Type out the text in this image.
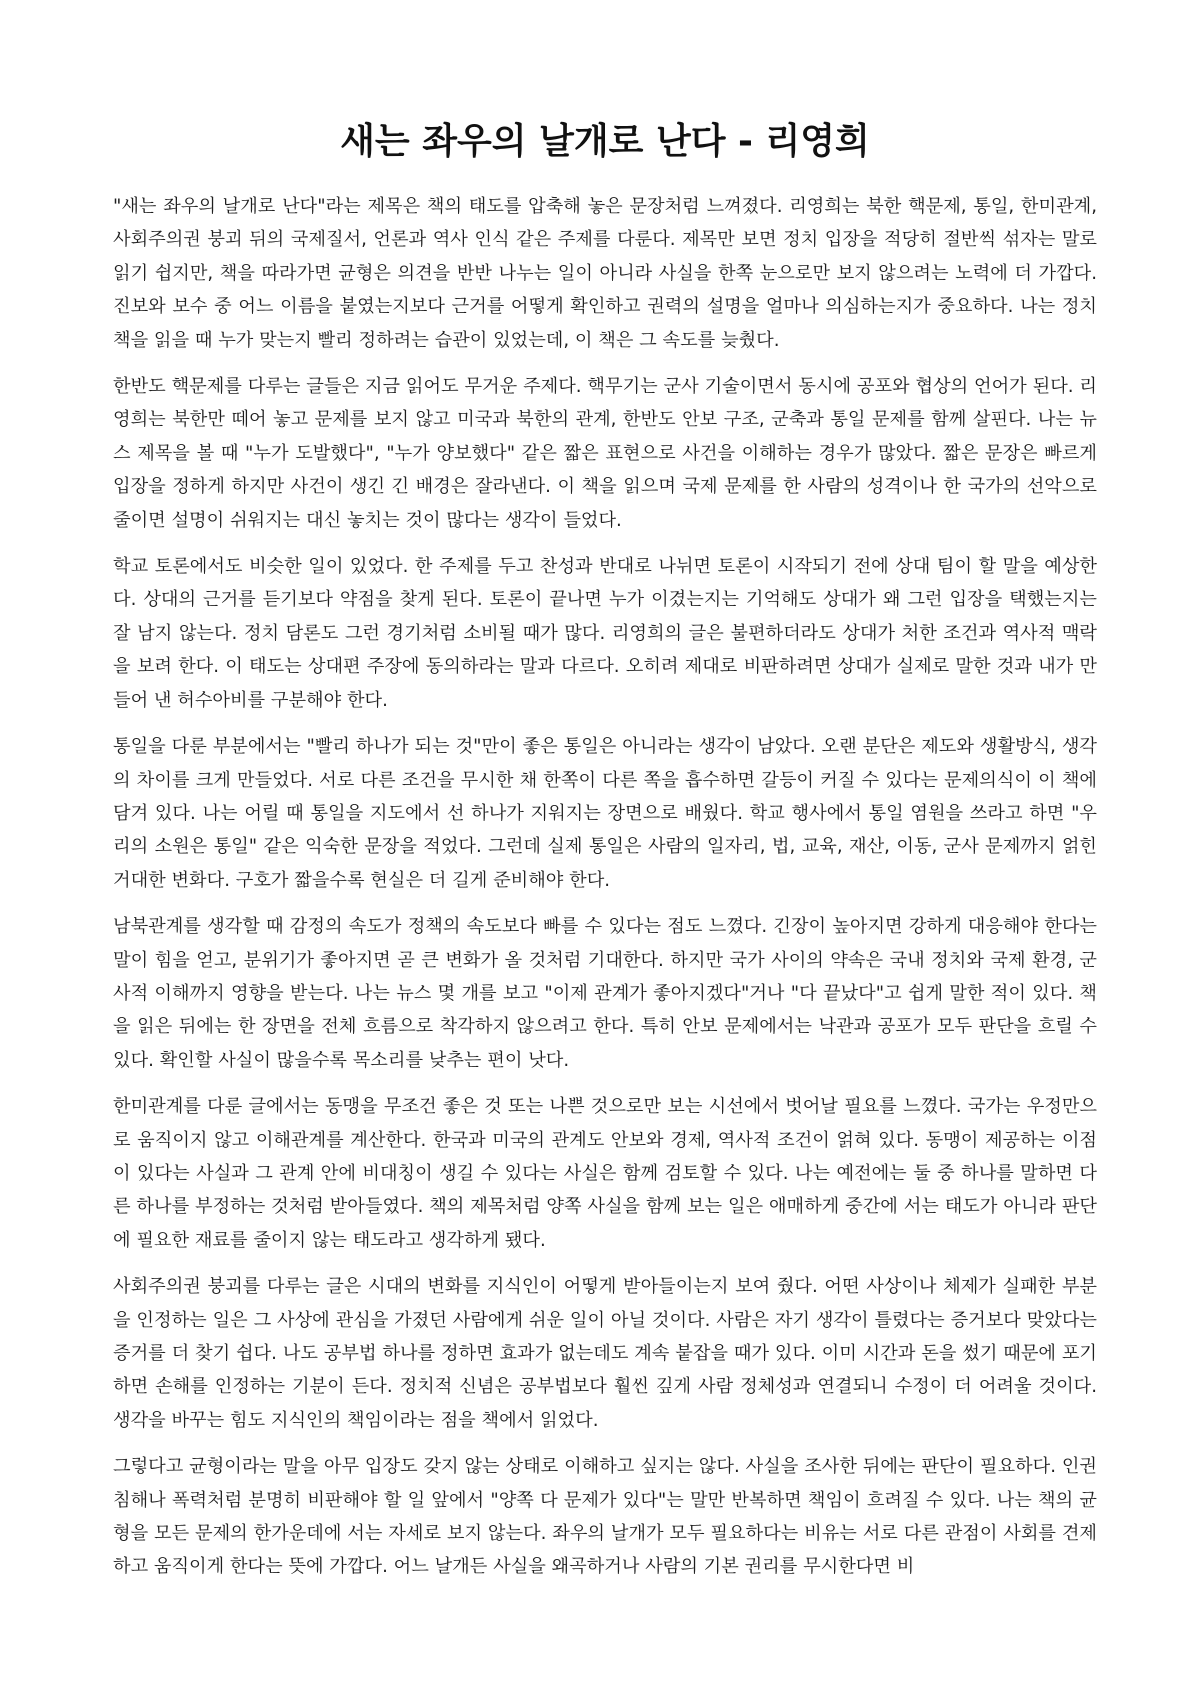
새는 좌우의 날개로 난다 - 리영희

"새는 좌우의 날개로 난다"라는 제목은 책의 태도를 압축해 놓은 문장처럼 느껴졌다. 리영희는 북한 핵문제, 통일, 한미관계, 사회주의권 붕괴 뒤의 국제질서, 언론과 역사 인식 같은 주제를 다룬다. 제목만 보면 정치 입장을 적당히 절반씩 섞자는 말로 읽기 쉽지만, 책을 따라가면 균형은 의견을 반반 나누는 일이 아니라 사실을 한쪽 눈으로만 보지 않으려는 노력에 더 가깝다. 진보와 보수 중 어느 이름을 붙였는지보다 근거를 어떻게 확인하고 권력의 설명을 얼마나 의심하는지가 중요하다. 나는 정치 책을 읽을 때 누가 맞는지 빨리 정하려는 습관이 있었는데, 이 책은 그 속도를 늦췄다.

한반도 핵문제를 다루는 글들은 지금 읽어도 무거운 주제다. 핵무기는 군사 기술이면서 동시에 공포와 협상의 언어가 된다. 리영희는 북한만 떼어 놓고 문제를 보지 않고 미국과 북한의 관계, 한반도 안보 구조, 군축과 통일 문제를 함께 살핀다. 나는 뉴스 제목을 볼 때 "누가 도발했다", "누가 양보했다" 같은 짧은 표현으로 사건을 이해하는 경우가 많았다. 짧은 문장은 빠르게 입장을 정하게 하지만 사건이 생긴 긴 배경은 잘라낸다. 이 책을 읽으며 국제 문제를 한 사람의 성격이나 한 국가의 선악으로 줄이면 설명이 쉬워지는 대신 놓치는 것이 많다는 생각이 들었다.

학교 토론에서도 비슷한 일이 있었다. 한 주제를 두고 찬성과 반대로 나뉘면 토론이 시작되기 전에 상대 팀이 할 말을 예상한다. 상대의 근거를 듣기보다 약점을 찾게 된다. 토론이 끝나면 누가 이겼는지는 기억해도 상대가 왜 그런 입장을 택했는지는 잘 남지 않는다. 정치 담론도 그런 경기처럼 소비될 때가 많다. 리영희의 글은 불편하더라도 상대가 처한 조건과 역사적 맥락을 보려 한다. 이 태도는 상대편 주장에 동의하라는 말과 다르다. 오히려 제대로 비판하려면 상대가 실제로 말한 것과 내가 만들어 낸 허수아비를 구분해야 한다.

통일을 다룬 부분에서는 "빨리 하나가 되는 것"만이 좋은 통일은 아니라는 생각이 남았다. 오랜 분단은 제도와 생활방식, 생각의 차이를 크게 만들었다. 서로 다른 조건을 무시한 채 한쪽이 다른 쪽을 흡수하면 갈등이 커질 수 있다는 문제의식이 이 책에 담겨 있다. 나는 어릴 때 통일을 지도에서 선 하나가 지워지는 장면으로 배웠다. 학교 행사에서 통일 염원을 쓰라고 하면 "우리의 소원은 통일" 같은 익숙한 문장을 적었다. 그런데 실제 통일은 사람의 일자리, 법, 교육, 재산, 이동, 군사 문제까지 얽힌 거대한 변화다. 구호가 짧을수록 현실은 더 길게 준비해야 한다.

남북관계를 생각할 때 감정의 속도가 정책의 속도보다 빠를 수 있다는 점도 느꼈다. 긴장이 높아지면 강하게 대응해야 한다는 말이 힘을 얻고, 분위기가 좋아지면 곧 큰 변화가 올 것처럼 기대한다. 하지만 국가 사이의 약속은 국내 정치와 국제 환경, 군사적 이해까지 영향을 받는다. 나는 뉴스 몇 개를 보고 "이제 관계가 좋아지겠다"거나 "다 끝났다"고 쉽게 말한 적이 있다. 책을 읽은 뒤에는 한 장면을 전체 흐름으로 착각하지 않으려고 한다. 특히 안보 문제에서는 낙관과 공포가 모두 판단을 흐릴 수 있다. 확인할 사실이 많을수록 목소리를 낮추는 편이 낫다.

한미관계를 다룬 글에서는 동맹을 무조건 좋은 것 또는 나쁜 것으로만 보는 시선에서 벗어날 필요를 느꼈다. 국가는 우정만으로 움직이지 않고 이해관계를 계산한다. 한국과 미국의 관계도 안보와 경제, 역사적 조건이 얽혀 있다. 동맹이 제공하는 이점이 있다는 사실과 그 관계 안에 비대칭이 생길 수 있다는 사실은 함께 검토할 수 있다. 나는 예전에는 둘 중 하나를 말하면 다른 하나를 부정하는 것처럼 받아들였다. 책의 제목처럼 양쪽 사실을 함께 보는 일은 애매하게 중간에 서는 태도가 아니라 판단에 필요한 재료를 줄이지 않는 태도라고 생각하게 됐다.

사회주의권 붕괴를 다루는 글은 시대의 변화를 지식인이 어떻게 받아들이는지 보여 줬다. 어떤 사상이나 체제가 실패한 부분을 인정하는 일은 그 사상에 관심을 가졌던 사람에게 쉬운 일이 아닐 것이다. 사람은 자기 생각이 틀렸다는 증거보다 맞았다는 증거를 더 찾기 쉽다. 나도 공부법 하나를 정하면 효과가 없는데도 계속 붙잡을 때가 있다. 이미 시간과 돈을 썼기 때문에 포기하면 손해를 인정하는 기분이 든다. 정치적 신념은 공부법보다 훨씬 깊게 사람 정체성과 연결되니 수정이 더 어려울 것이다. 생각을 바꾸는 힘도 지식인의 책임이라는 점을 책에서 읽었다.

그렇다고 균형이라는 말을 아무 입장도 갖지 않는 상태로 이해하고 싶지는 않다. 사실을 조사한 뒤에는 판단이 필요하다. 인권 침해나 폭력처럼 분명히 비판해야 할 일 앞에서 "양쪽 다 문제가 있다"는 말만 반복하면 책임이 흐려질 수 있다. 나는 책의 균형을 모든 문제의 한가운데에 서는 자세로 보지 않는다. 좌우의 날개가 모두 필요하다는 비유는 서로 다른 관점이 사회를 견제하고 움직이게 한다는 뜻에 가깝다. 어느 날개든 사실을 왜곡하거나 사람의 기본 권리를 무시한다면 비
